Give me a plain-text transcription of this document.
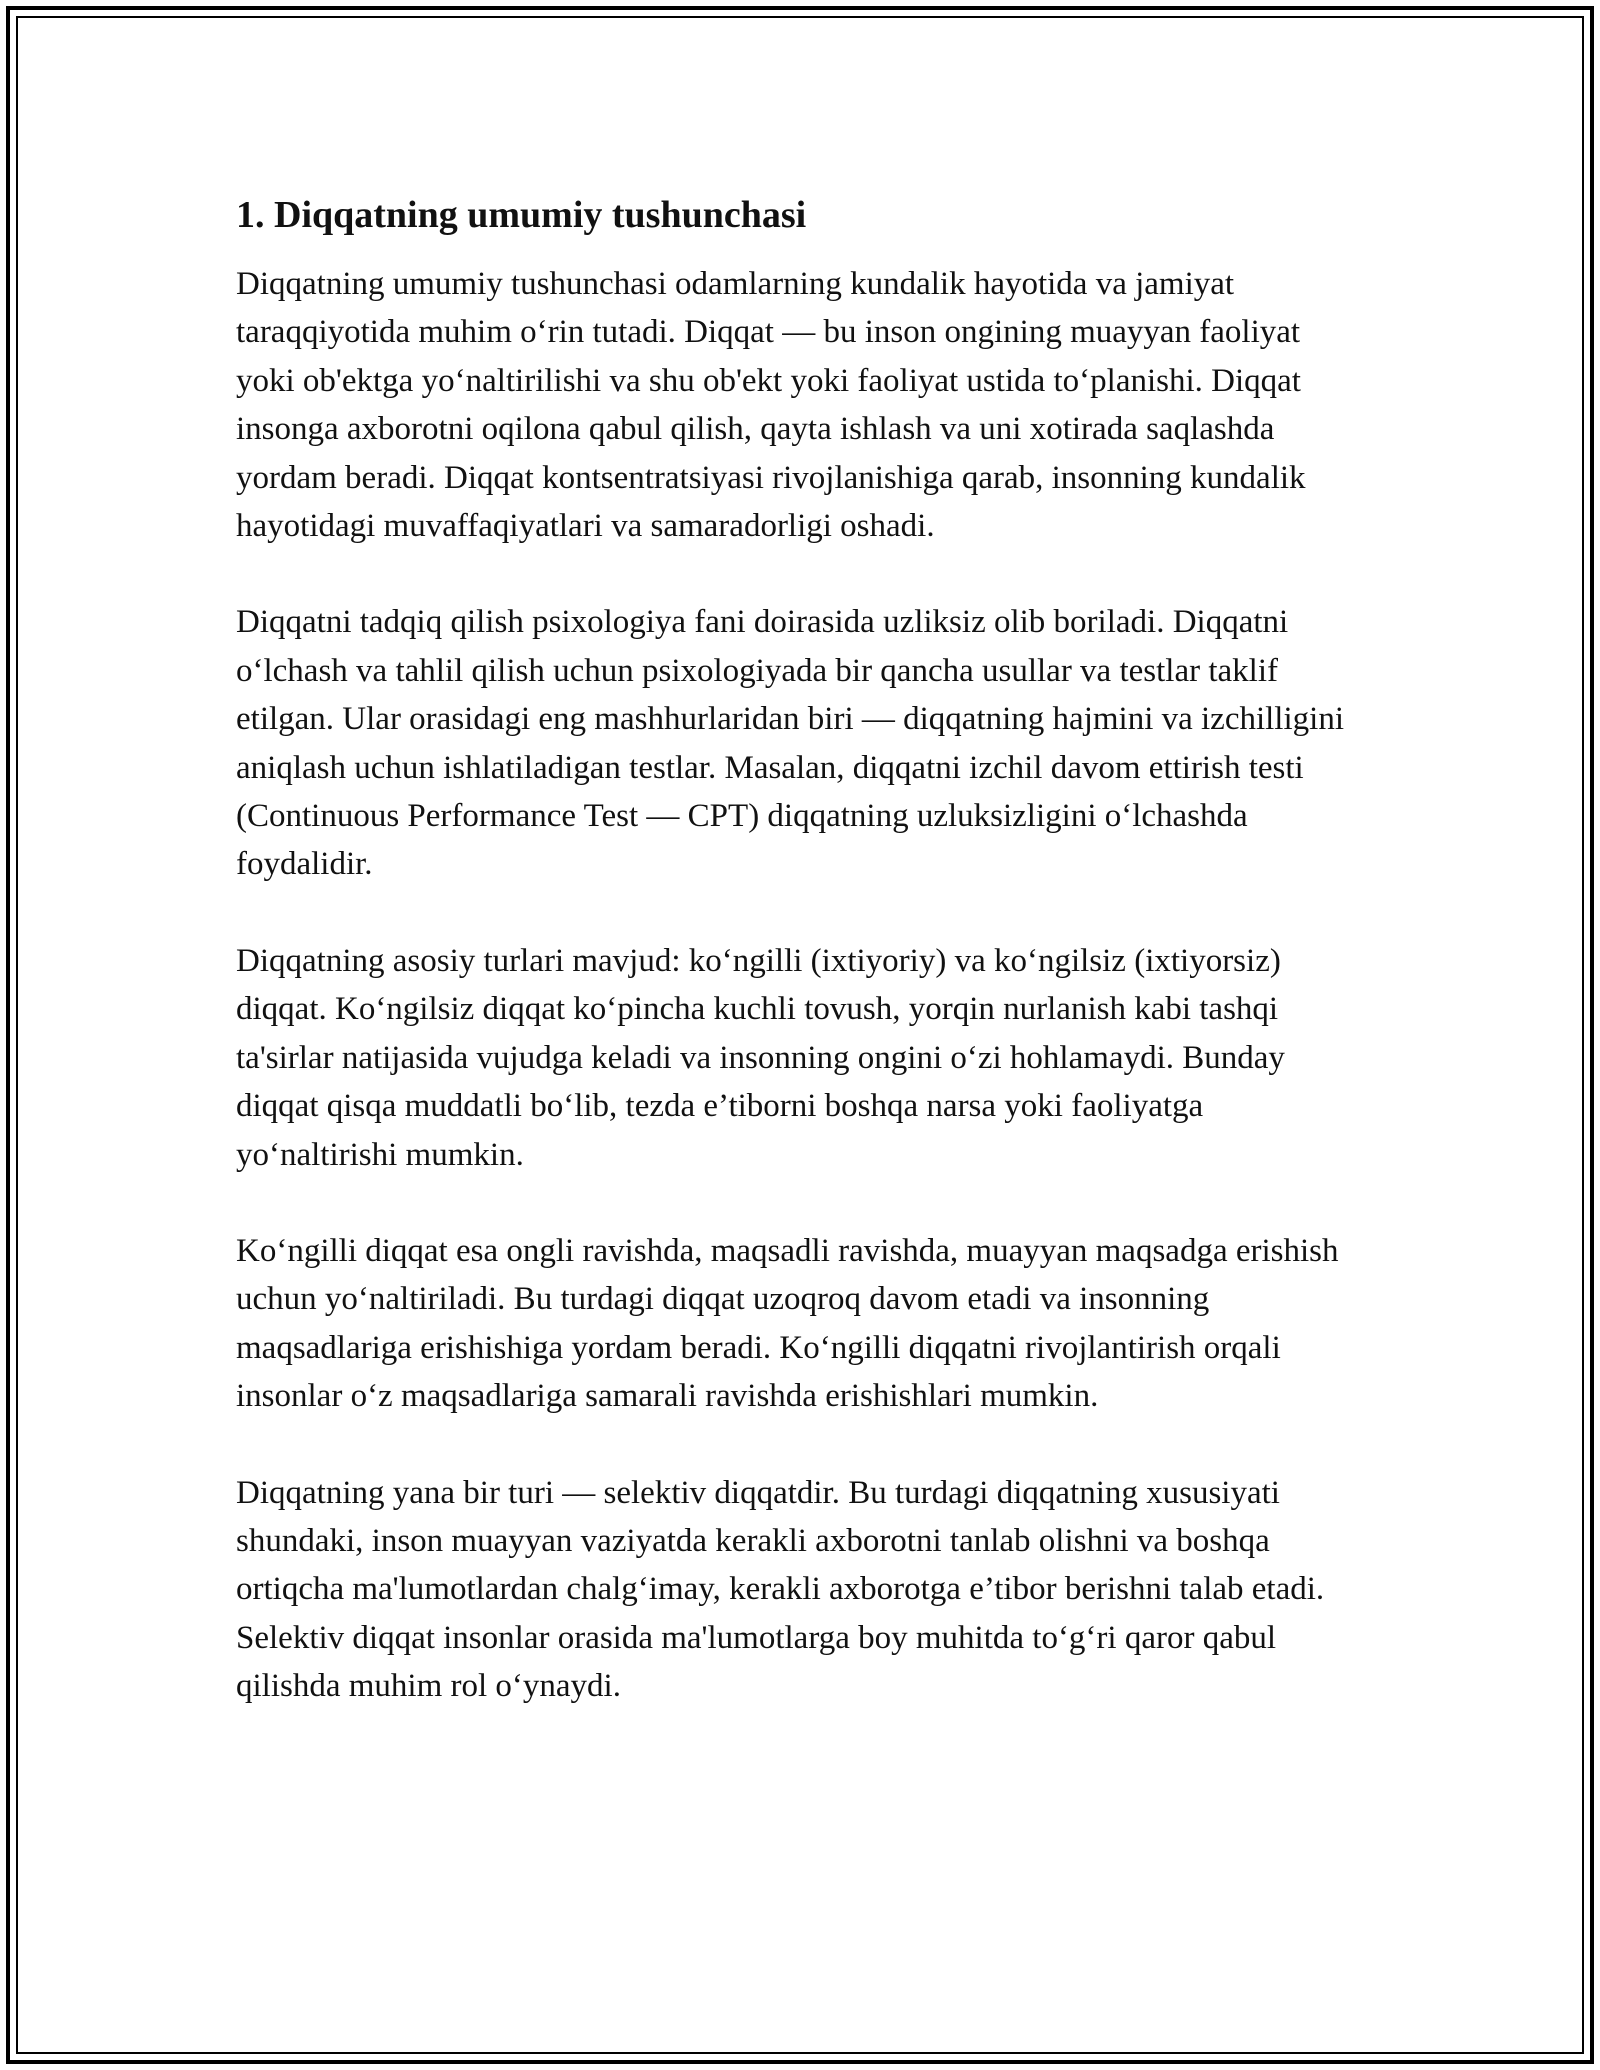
1. Diqqatning umumiy tushunchasi

Diqqatning umumiy tushunchasi odamlarning kundalik hayotida va jamiyat taraqqiyotida muhim o‘rin tutadi. Diqqat — bu inson ongining muayyan faoliyat yoki ob'ektga yo‘naltirilishi va shu ob'ekt yoki faoliyat ustida to‘planishi. Diqqat insonga axborotni oqilona qabul qilish, qayta ishlash va uni xotirada saqlashda yordam beradi. Diqqat kontsentratsiyasi rivojlanishiga qarab, insonning kundalik hayotidagi muvaffaqiyatlari va samaradorligi oshadi.

Diqqatni tadqiq qilish psixologiya fani doirasida uzliksiz olib boriladi. Diqqatni o‘lchash va tahlil qilish uchun psixologiyada bir qancha usullar va testlar taklif etilgan. Ular orasidagi eng mashhurlaridan biri — diqqatning hajmini va izchilligini aniqlash uchun ishlatiladigan testlar. Masalan, diqqatni izchil davom ettirish testi (Continuous Performance Test — CPT) diqqatning uzluksizligini o‘lchashda foydalidir.

Diqqatning asosiy turlari mavjud: ko‘ngilli (ixtiyoriy) va ko‘ngilsiz (ixtiyorsiz) diqqat. Ko‘ngilsiz diqqat ko‘pincha kuchli tovush, yorqin nurlanish kabi tashqi ta'sirlar natijasida vujudga keladi va insonning ongini o‘zi hohlamaydi. Bunday diqqat qisqa muddatli bo‘lib, tezda e’tiborni boshqa narsa yoki faoliyatga yo‘naltirishi mumkin.

Ko‘ngilli diqqat esa ongli ravishda, maqsadli ravishda, muayyan maqsadga erishish uchun yo‘naltiriladi. Bu turdagi diqqat uzoqroq davom etadi va insonning maqsadlariga erishishiga yordam beradi. Ko‘ngilli diqqatni rivojlantirish orqali insonlar o‘z maqsadlariga samarali ravishda erishishlari mumkin.

Diqqatning yana bir turi — selektiv diqqatdir. Bu turdagi diqqatning xususiyati shundaki, inson muayyan vaziyatda kerakli axborotni tanlab olishni va boshqa ortiqcha ma'lumotlardan chalg‘imay, kerakli axborotga e’tibor berishni talab etadi. Selektiv diqqat insonlar orasida ma'lumotlarga boy muhitda to‘g‘ri qaror qabul qilishda muhim rol o‘ynaydi.
